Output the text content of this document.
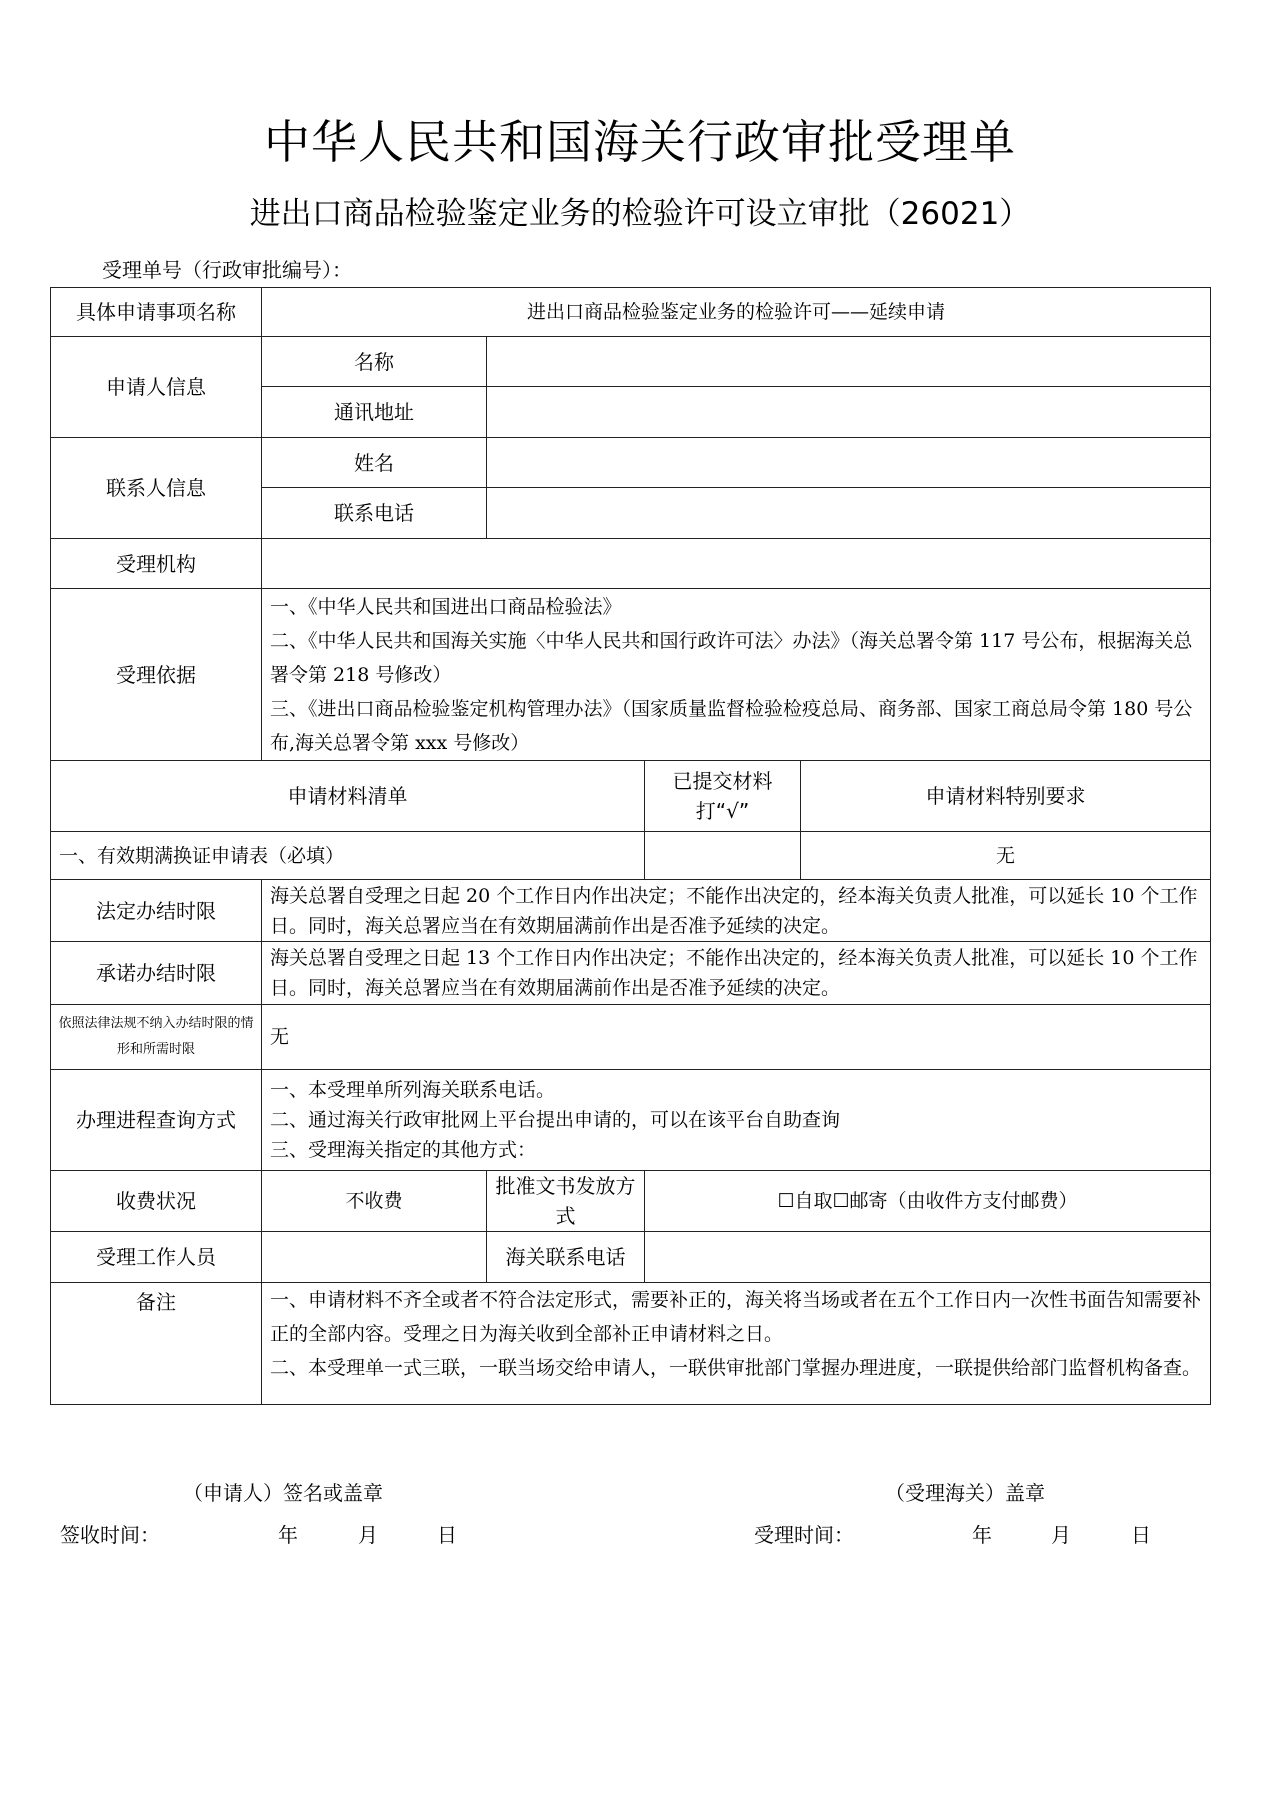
中华人民共和国海关行政审批受理单
进出口商品检验鉴定业务的检验许可设立审批（26021）
受理单号（行政审批编号）：
具体申请事项名称	进出口商品检验鉴定业务的检验许可——延续申请			
申请人信息	名称			
	通讯地址			
联系人信息	姓名			
	联系电话			
受理机构				
受理依据	一、《中华人民共和国进出口商品检验法》
二、《中华人民共和国海关实施〈中华人民共和国行政许可法〉办法》（海关总署令第 117 号公布，根据海关总署令第 218 号修改）
三、《进出口商品检验鉴定机构管理办法》（国家质量监督检验检疫总局、商务部、国家工商总局令第 180 号公布,海关总署令第 xxx 号修改）			

申请材料清单			已提交材料打“√”	申请材料特别要求
一、有效期满换证申请表（必填）				无
法定办结时限	海关总署自受理之日起 20 个工作日内作出决定；不能作出决定的，经本海关负责人批准，可以延长 10 个工作日。同时，海关总署应当在有效期届满前作出是否准予延续的决定。			
承诺办结时限	海关总署自受理之日起 13 个工作日内作出决定；不能作出决定的，经本海关负责人批准，可以延长 10 个工作日。同时，海关总署应当在有效期届满前作出是否准予延续的决定。			
依照法律法规不纳入办结时限的情形和所需时限	无			
办理进程查询方式	一、本受理单所列海关联系电话。
二、通过海关行政审批网上平台提出申请的，可以在该平台自助查询
三、受理海关指定的其他方式：			

收费状况	不收费	批准文书发放方式	☐自取☐邮寄（由收件方支付邮费）	
受理工作人员		海关联系电话		
备注	一、申请材料不齐全或者不符合法定形式，需要补正的，海关将当场或者在五个工作日内一次性书面告知需要补正的全部内容。受理之日为海关收到全部补正申请材料之日。
二、本受理单一式三联，一联当场交给申请人，一联供审批部门掌握办理进度，一联提供给部门监督机构备查。			
（申请人）签名或盖章	（受理海关）盖章
签收时间：	年	月	日	受理时间：	年	月	日
